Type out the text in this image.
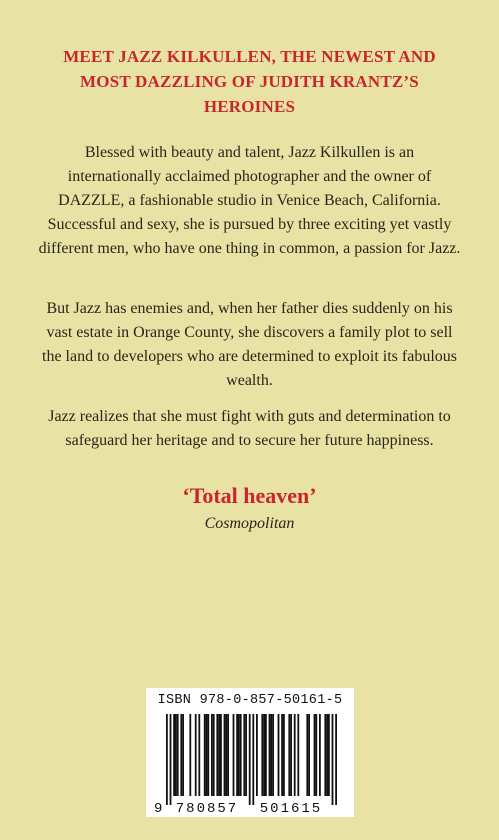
MEET JAZZ KILKULLEN, THE NEWEST AND MOST DAZZLING OF JUDITH KRANTZ’S HEROINES
Blessed with beauty and talent, Jazz Kilkullen is an internationally acclaimed photographer and the owner of DAZZLE, a fashionable studio in Venice Beach, California. Successful and sexy, she is pursued by three exciting yet vastly different men, who have one thing in common, a passion for Jazz.
But Jazz has enemies and, when her father dies suddenly on his vast estate in Orange County, she discovers a family plot to sell the land to developers who are determined to exploit its fabulous wealth.
Jazz realizes that she must fight with guts and determination to safeguard her heritage and to secure her future happiness.
‘Total heaven’
Cosmopolitan
ISBN 978-0-857-50161-5
9 780857 501615
